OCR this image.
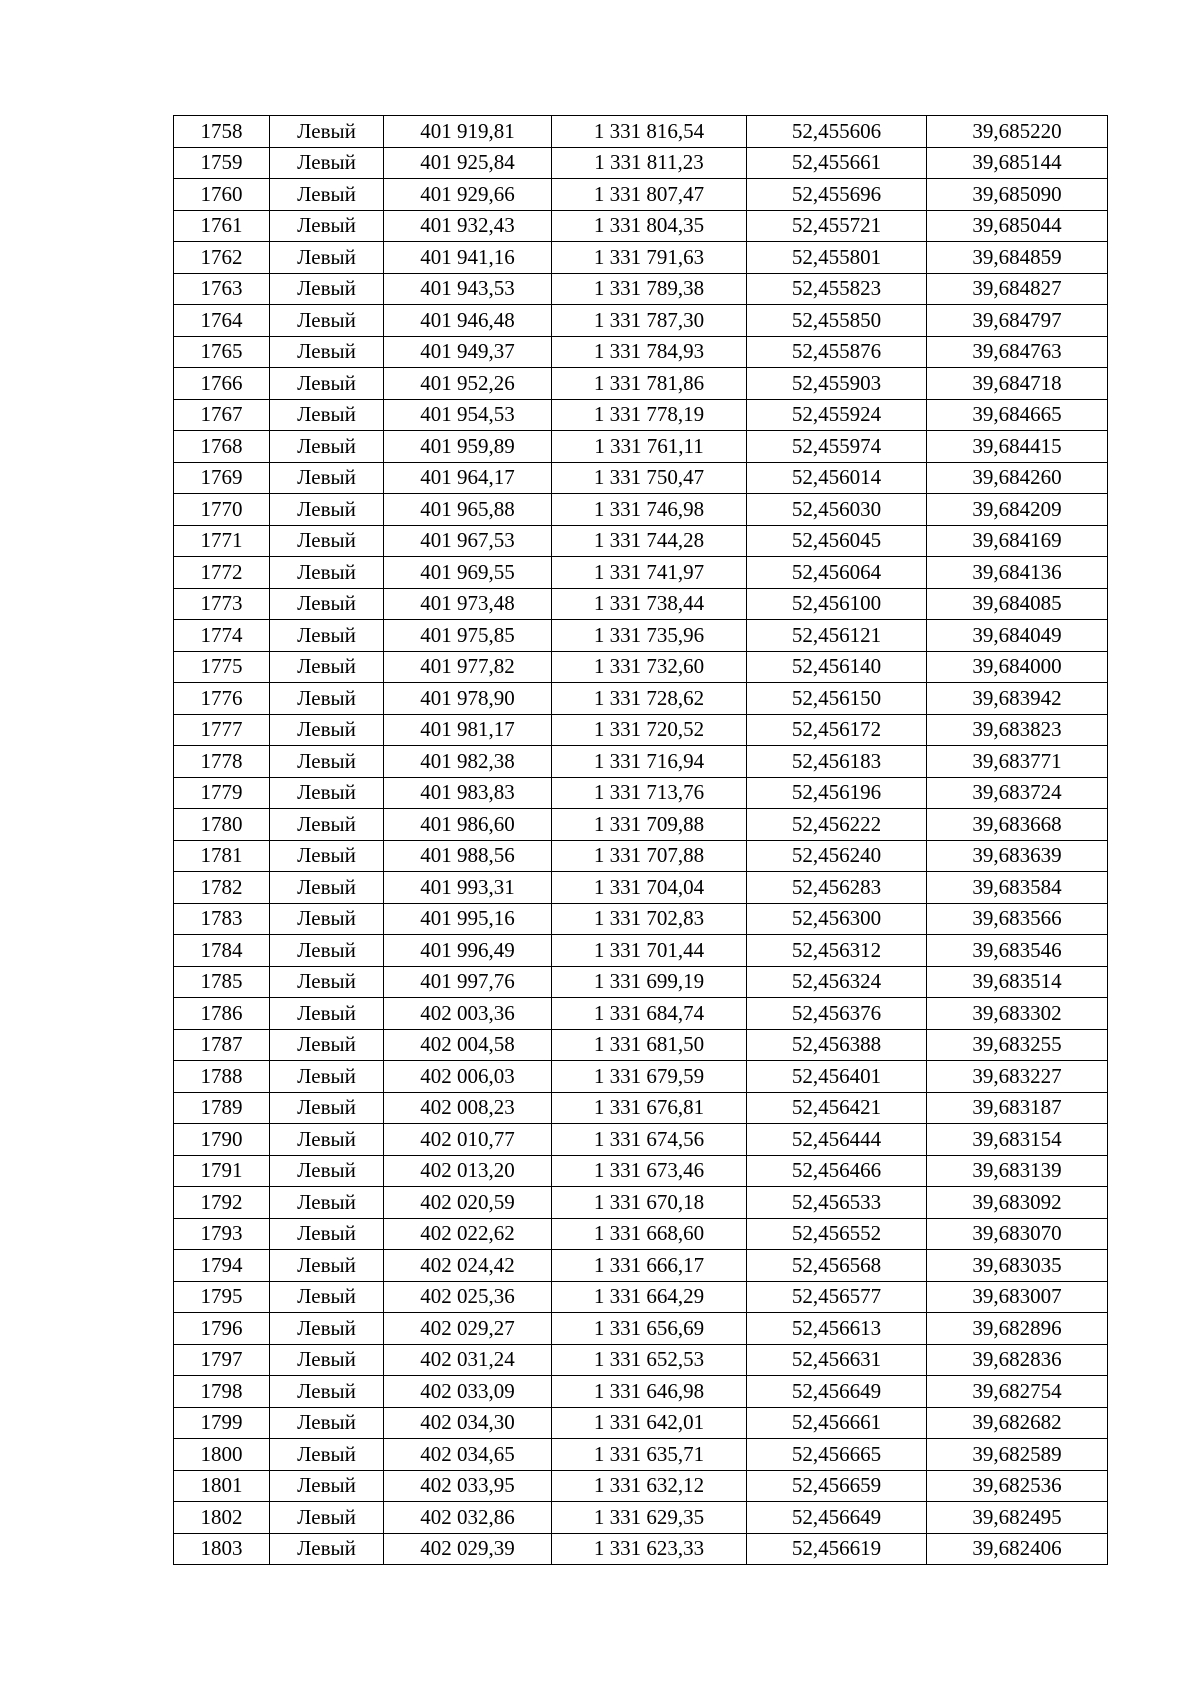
1758	Левый	401 919,81	1 331 816,54	52,455606	39,685220
1759	Левый	401 925,84	1 331 811,23	52,455661	39,685144
1760	Левый	401 929,66	1 331 807,47	52,455696	39,685090
1761	Левый	401 932,43	1 331 804,35	52,455721	39,685044
1762	Левый	401 941,16	1 331 791,63	52,455801	39,684859
1763	Левый	401 943,53	1 331 789,38	52,455823	39,684827
1764	Левый	401 946,48	1 331 787,30	52,455850	39,684797
1765	Левый	401 949,37	1 331 784,93	52,455876	39,684763
1766	Левый	401 952,26	1 331 781,86	52,455903	39,684718
1767	Левый	401 954,53	1 331 778,19	52,455924	39,684665
1768	Левый	401 959,89	1 331 761,11	52,455974	39,684415
1769	Левый	401 964,17	1 331 750,47	52,456014	39,684260
1770	Левый	401 965,88	1 331 746,98	52,456030	39,684209
1771	Левый	401 967,53	1 331 744,28	52,456045	39,684169
1772	Левый	401 969,55	1 331 741,97	52,456064	39,684136
1773	Левый	401 973,48	1 331 738,44	52,456100	39,684085
1774	Левый	401 975,85	1 331 735,96	52,456121	39,684049
1775	Левый	401 977,82	1 331 732,60	52,456140	39,684000
1776	Левый	401 978,90	1 331 728,62	52,456150	39,683942
1777	Левый	401 981,17	1 331 720,52	52,456172	39,683823
1778	Левый	401 982,38	1 331 716,94	52,456183	39,683771
1779	Левый	401 983,83	1 331 713,76	52,456196	39,683724
1780	Левый	401 986,60	1 331 709,88	52,456222	39,683668
1781	Левый	401 988,56	1 331 707,88	52,456240	39,683639
1782	Левый	401 993,31	1 331 704,04	52,456283	39,683584
1783	Левый	401 995,16	1 331 702,83	52,456300	39,683566
1784	Левый	401 996,49	1 331 701,44	52,456312	39,683546
1785	Левый	401 997,76	1 331 699,19	52,456324	39,683514
1786	Левый	402 003,36	1 331 684,74	52,456376	39,683302
1787	Левый	402 004,58	1 331 681,50	52,456388	39,683255
1788	Левый	402 006,03	1 331 679,59	52,456401	39,683227
1789	Левый	402 008,23	1 331 676,81	52,456421	39,683187
1790	Левый	402 010,77	1 331 674,56	52,456444	39,683154
1791	Левый	402 013,20	1 331 673,46	52,456466	39,683139
1792	Левый	402 020,59	1 331 670,18	52,456533	39,683092
1793	Левый	402 022,62	1 331 668,60	52,456552	39,683070
1794	Левый	402 024,42	1 331 666,17	52,456568	39,683035
1795	Левый	402 025,36	1 331 664,29	52,456577	39,683007
1796	Левый	402 029,27	1 331 656,69	52,456613	39,682896
1797	Левый	402 031,24	1 331 652,53	52,456631	39,682836
1798	Левый	402 033,09	1 331 646,98	52,456649	39,682754
1799	Левый	402 034,30	1 331 642,01	52,456661	39,682682
1800	Левый	402 034,65	1 331 635,71	52,456665	39,682589
1801	Левый	402 033,95	1 331 632,12	52,456659	39,682536
1802	Левый	402 032,86	1 331 629,35	52,456649	39,682495
1803	Левый	402 029,39	1 331 623,33	52,456619	39,682406
